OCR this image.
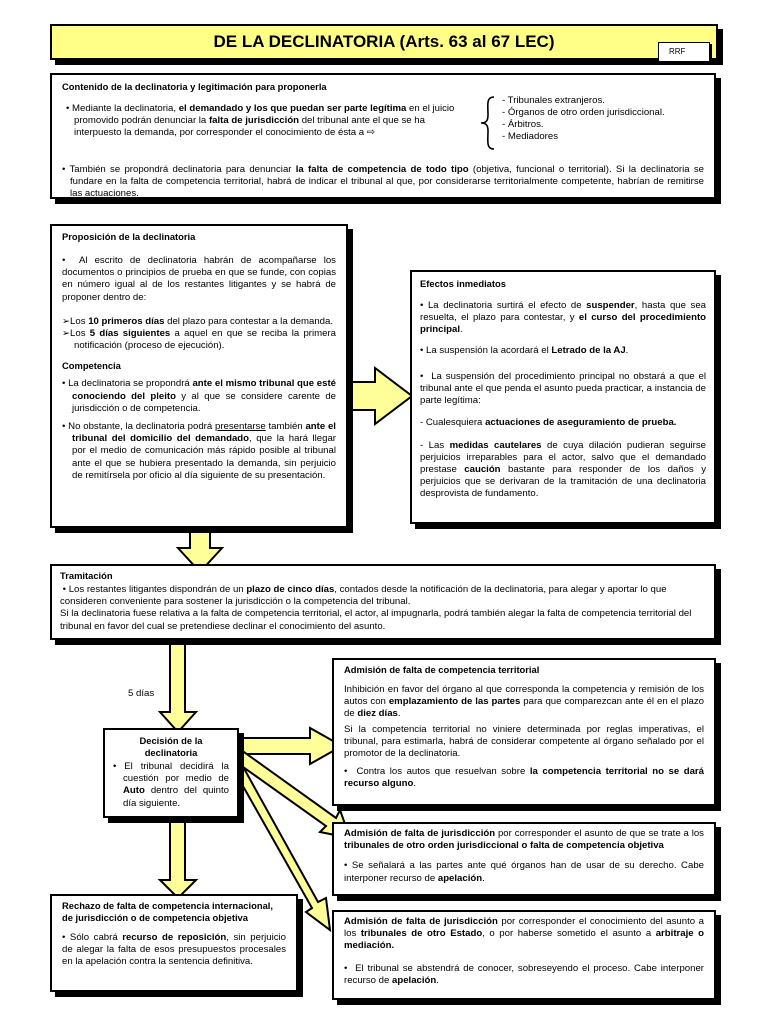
DE LA DECLINATORIA (Arts. 63 al 67 LEC)
RRF
Contenido de la declinatoria y legitimación para proponerla

• Mediante la declinatoria, el demandado y los que puedan ser parte legítima en el juicio promovido podrán denunciar la falta de jurisdicción del tribunal ante el que se ha interpuesto la demanda, por corresponder el conocimiento de ésta a ⇨

- Tribunales extranjeros.
- Órganos de otro orden jurisdiccional.
- Árbitros.
- Mediadores

• También se propondrá declinatoria para denunciar la falta de competencia de todo tipo (objetiva, funcional o territorial). Si la declinatoria se fundare en la falta de competencia territorial, habrá de indicar el tribunal al que, por considerarse territorialmente competente, habrían de remitirse las actuaciones.

Proposición de la declinatoria

•  Al escrito de declinatoria habrán de acompañarse los documentos o principios de prueba en que se funde, con copias en número igual al de los restantes litigantes y se habrá de proponer dentro de:

➢Los 10 primeros días del plazo para contestar a la demanda.

➢Los 5 días siguientes a aquel en que se reciba la primera notificación (proceso de ejecución).

Competencia

• La declinatoria se propondrá ante el mismo tribunal que esté conociendo del pleito y al que se considere carente de jurisdicción o de competencia.

• No obstante, la declinatoria podrá presentarse también ante el tribunal del domicilio del demandado, que la hará llegar por el medio de comunicación más rápido posible al tribunal ante el que se hubiera presentado la demanda, sin perjuicio de remitírsela por oficio al día siguiente de su presentación.

Efectos inmediatos

• La declinatoria surtirá el efecto de suspender, hasta que sea resuelta, el plazo para contestar, y el curso del procedimiento principal.

• La suspensión la acordará el Letrado de la AJ.

•  La suspensión del procedimiento principal no obstará a que el tribunal ante el que penda el asunto pueda practicar, a instancia de parte legítima:

- Cualesquiera actuaciones de aseguramiento de prueba.

- Las medidas cautelares de cuya dilación pudieran seguirse perjuicios irreparables para el actor, salvo que el demandado prestase caución bastante para responder de los daños y perjuicios que se derivaran de la tramitación de una declinatoria desprovista de fundamento.

Tramitación

• Los restantes litigantes dispondrán de un plazo de cinco días, contados desde la notificación de la declinatoria, para alegar y aportar lo que consideren conveniente para sostener la jurisdicción o la competencia del tribunal.

Si la declinatoria fuese relativa a la falta de competencia territorial, el actor, al impugnarla, podrá también alegar la falta de competencia territorial del tribunal en favor del cual se pretendiese declinar el conocimiento del asunto.

5 días
Decisión de la declinatoria

• El tribunal decidirá la cuestión por medio de Auto dentro del quinto día siguiente.

Admisión de falta de competencia territorial

Inhibición en favor del órgano al que corresponda la competencia y remisión de los autos con emplazamiento de las partes para que comparezcan ante él en el plazo de diez días.

Si la competencia territorial no viniere determinada por reglas imperativas, el tribunal, para estimarla, habrá de considerar competente al órgano señalado por el promotor de la declinatoria.

•  Contra los autos que resuelvan sobre la competencia territorial no se dará recurso alguno.

Admisión de falta de jurisdicción por corresponder el asunto de que se trate a los tribunales de otro orden jurisdiccional o falta de competencia objetiva

• Se señalará a las partes ante qué órganos han de usar de su derecho. Cabe interponer recurso de apelación.

Admisión de falta de jurisdicción por corresponder el conocimiento del asunto a los tribunales de otro Estado, o por haberse sometido el asunto a arbitraje o mediación.

•  El tribunal se abstendrá de conocer, sobreseyendo el proceso. Cabe interponer recurso de apelación.

Rechazo de falta de competencia internacional, de jurisdicción o de competencia objetiva

• Sólo cabrá recurso de reposición, sin perjuicio de alegar la falta de esos presupuestos procesales en la apelación contra la sentencia definitiva.
